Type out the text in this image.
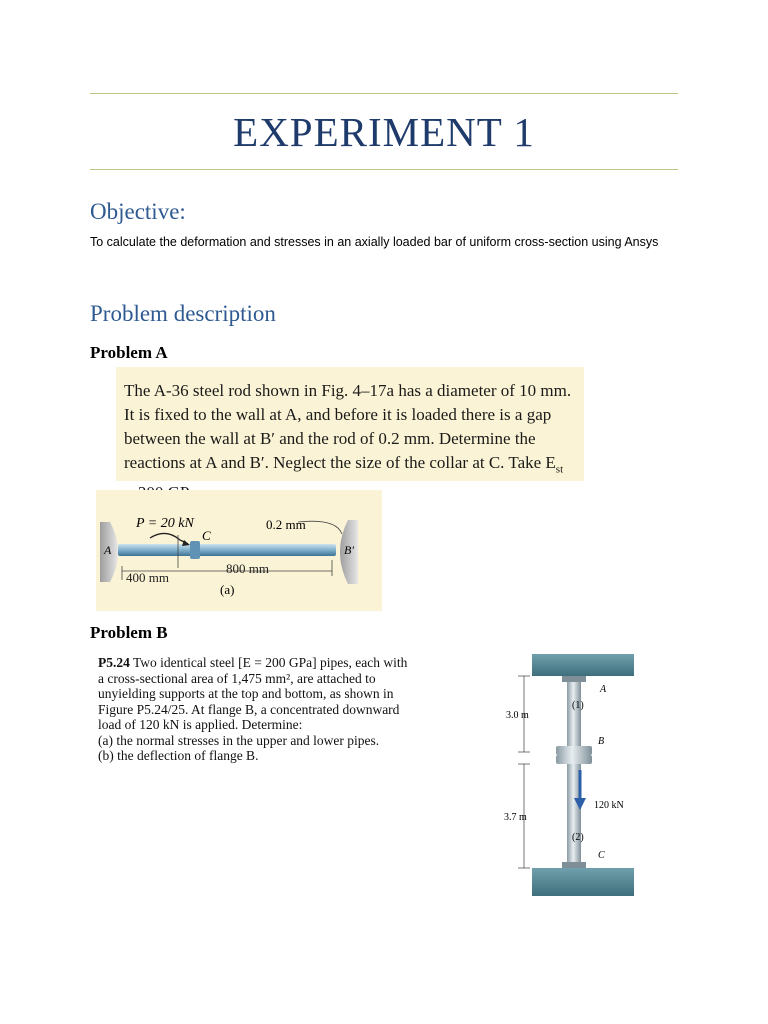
EXPERIMENT 1
Objective:
To calculate the deformation and stresses in an axially loaded bar of uniform cross-section using Ansys
Problem description
Problem A

The A-36 steel rod shown in Fig. 4–17a has a diameter of 10 mm. It is fixed to the wall at A, and before it is loaded there is a gap between the wall at B′ and the rod of 0.2 mm. Determine the reactions at A and B′. Neglect the size of the collar at C. Take $E_{st}$

P = 20 kN
C
0.2 mm
A	B′
800 mm
400 mm
(a)
Problem B

P5.24 Two identical steel [E = 200 GPa] pipes, each with

a cross-sectional area of 1,475 mm², are attached to

unyielding supports at the top and bottom, as shown in

Figure P5.24/25. At flange B, a concentrated downward

load of 120 kN is applied. Determine:

(a) the normal stresses in the upper and lower pipes.

(b) the deflection of flange B.

A
(1)
3.0 m
B
120 kN
3.7 m
(2)
C
